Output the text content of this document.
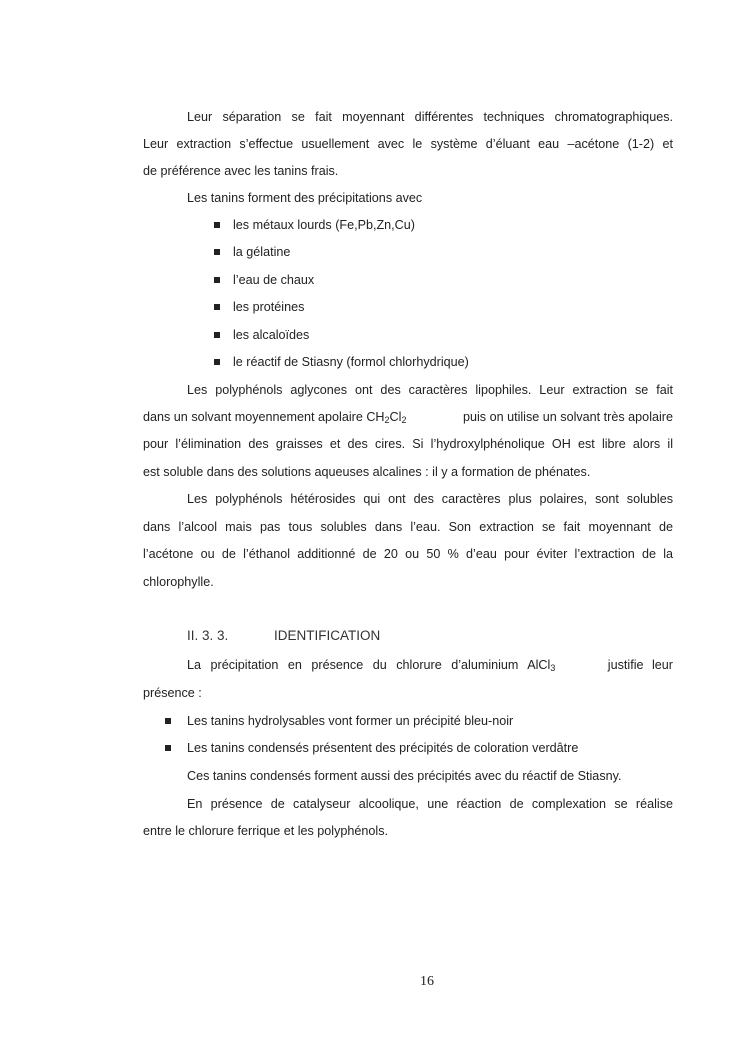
Leur séparation se fait moyennant différentes techniques chromatographiques.
Leur extraction s’effectue usuellement avec le système d’éluant eau –acétone (1-2) et
de préférence avec les tanins frais.
Les tanins forment des précipitations avec
les métaux lourds (Fe,Pb,Zn,Cu)
la gélatine
l’eau de chaux
les protéines
les alcaloïdes
le réactif de Stiasny (formol chlorhydrique)
Les polyphénols aglycones ont des caractères lipophiles. Leur extraction se fait
dans un solvant moyennement apolaire $CH_2Cl_2$	puis on utilise un solvant très apolaire
pour l’élimination des graisses et des cires. Si l’hydroxylphénolique OH est libre alors il
est soluble dans des solutions aqueuses alcalines : il y a formation de phénates.
Les polyphénols hétérosides qui ont des caractères plus polaires, sont solubles
dans l’alcool mais pas tous solubles dans l’eau. Son extraction se fait moyennant de
l’acétone ou de l’éthanol additionné de 20 ou 50 % d’eau pour éviter l’extraction de la
chlorophylle.
II. 3. 3.	IDENTIFICATION
La précipitation en présence du chlorure d’aluminium AlCl$_3$	justifie leur
présence :
Les tanins hydrolysables vont former un précipité bleu-noir
Les tanins condensés présentent des précipités de coloration verdâtre
Ces tanins condensés forment aussi des précipités avec du réactif de Stiasny.
En présence de catalyseur alcoolique, une réaction de complexation se réalise
entre le chlorure ferrique et les polyphénols.
16
